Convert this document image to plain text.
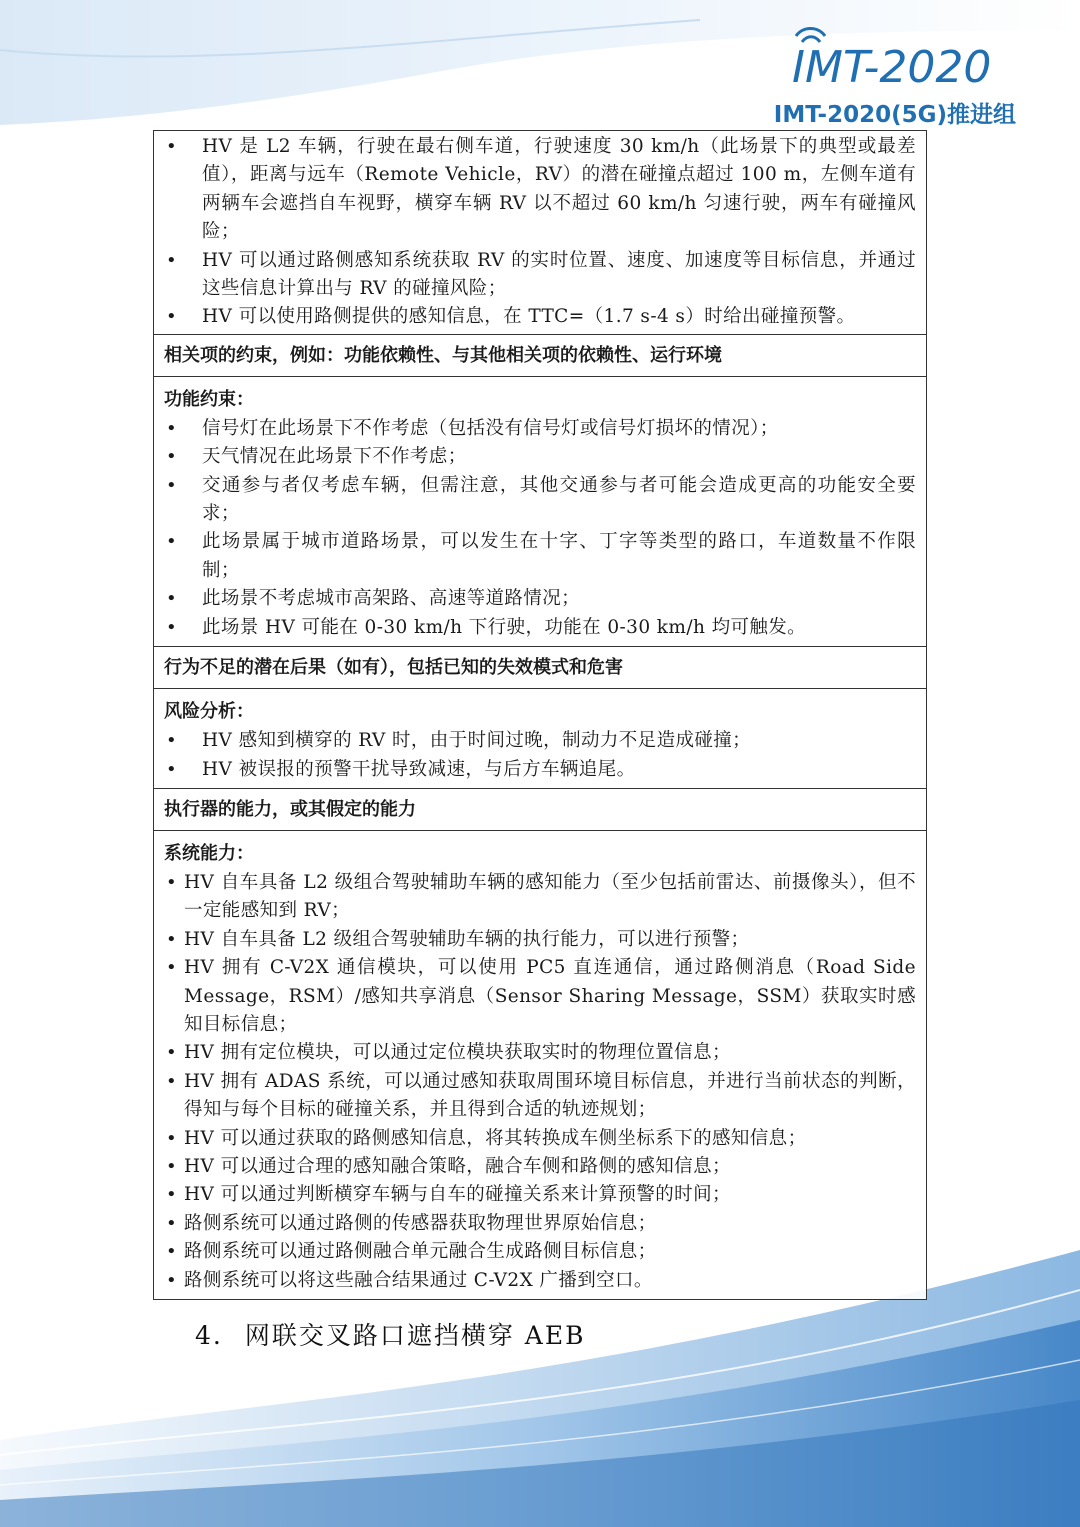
IMT-2020
IMT-2020(5G)推进组
• HV 是 L2 车辆，行驶在最右侧车道，行驶速度 30 km/h（此场景下的典型或最差值），距离与远车（Remote Vehicle，RV）的潜在碰撞点超过 100 m，左侧车道有两辆车会遮挡自车视野，横穿车辆 RV 以不超过 60 km/h 匀速行驶，两车有碰撞风险；
• HV 可以通过路侧感知系统获取 RV 的实时位置、速度、加速度等目标信息，并通过这些信息计算出与 RV 的碰撞风险；
• HV 可以使用路侧提供的感知信息，在 TTC=（1.7 s-4 s）时给出碰撞预警。
相关项的约束，例如：功能依赖性、与其他相关项的依赖性、运行环境
功能约束：
• 信号灯在此场景下不作考虑（包括没有信号灯或信号灯损坏的情况）；
• 天气情况在此场景下不作考虑；
• 交通参与者仅考虑车辆，但需注意，其他交通参与者可能会造成更高的功能安全要求；
• 此场景属于城市道路场景，可以发生在十字、丁字等类型的路口，车道数量不作限制；
• 此场景不考虑城市高架路、高速等道路情况；
• 此场景 HV 可能在 0-30 km/h 下行驶，功能在 0-30 km/h 均可触发。
行为不足的潜在后果（如有），包括已知的失效模式和危害
风险分析：
• HV 感知到横穿的 RV 时，由于时间过晚，制动力不足造成碰撞；
• HV 被误报的预警干扰导致减速，与后方车辆追尾。
执行器的能力，或其假定的能力
系统能力：
• HV 自车具备 L2 级组合驾驶辅助车辆的感知能力（至少包括前雷达、前摄像头），但不一定能感知到 RV；
• HV 自车具备 L2 级组合驾驶辅助车辆的执行能力，可以进行预警；
• HV 拥有 C-V2X 通信模块，可以使用 PC5 直连通信，通过路侧消息（Road Side Message，RSM）/感知共享消息（Sensor Sharing Message，SSM）获取实时感知目标信息；
• HV 拥有定位模块，可以通过定位模块获取实时的物理位置信息；
• HV 拥有 ADAS 系统，可以通过感知获取周围环境目标信息，并进行当前状态的判断，得知与每个目标的碰撞关系，并且得到合适的轨迹规划；
• HV 可以通过获取的路侧感知信息，将其转换成车侧坐标系下的感知信息；
• HV 可以通过合理的感知融合策略，融合车侧和路侧的感知信息；
• HV 可以通过判断横穿车辆与自车的碰撞关系来计算预警的时间；
• 路侧系统可以通过路侧的传感器获取物理世界原始信息；
• 路侧系统可以通过路侧融合单元融合生成路侧目标信息；
• 路侧系统可以将这些融合结果通过 C-V2X 广播到空口。
4. 网联交叉路口遮挡横穿 AEB
